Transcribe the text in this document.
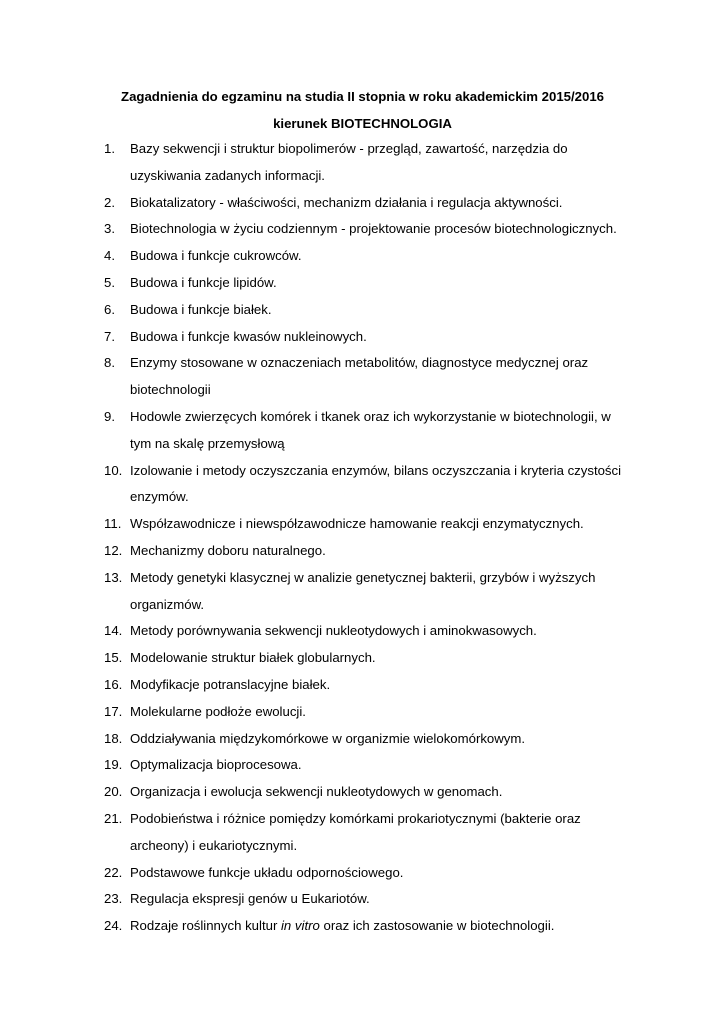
Zagadnienia do egzaminu na studia II stopnia w roku akademickim 2015/2016
kierunek BIOTECHNOLOGIA
1. Bazy sekwencji i struktur biopolimerów - przegląd, zawartość, narzędzia do uzyskiwania zadanych informacji.
2. Biokatalizatory - właściwości, mechanizm działania i regulacja aktywności.
3. Biotechnologia w życiu codziennym - projektowanie procesów biotechnologicznych.
4. Budowa i funkcje cukrowców.
5. Budowa i funkcje lipidów.
6. Budowa i funkcje białek.
7. Budowa i funkcje kwasów nukleinowych.
8. Enzymy stosowane w oznaczeniach metabolitów, diagnostyce medycznej oraz biotechnologii
9. Hodowle zwierzęcych komórek i tkanek oraz ich wykorzystanie w biotechnologii, w tym na skalę przemysłową
10. Izolowanie i metody oczyszczania enzymów, bilans oczyszczania i kryteria czystości enzymów.
11. Współzawodnicze i niewspółzawodnicze hamowanie reakcji enzymatycznych.
12. Mechanizmy doboru naturalnego.
13. Metody genetyki klasycznej w analizie genetycznej bakterii, grzybów i wyższych organizmów.
14. Metody porównywania sekwencji nukleotydowych i aminokwasowych.
15. Modelowanie struktur białek globularnych.
16. Modyfikacje potranslacyjne białek.
17. Molekularne podłoże ewolucji.
18. Oddziaływania międzykomórkowe w organizmie wielokomórkowym.
19. Optymalizacja bioprocesowa.
20. Organizacja i ewolucja sekwencji nukleotydowych w genomach.
21. Podobieństwa i różnice pomiędzy komórkami prokariotycznymi (bakterie oraz archeony) i eukariotycznymi.
22. Podstawowe funkcje układu odpornościowego.
23. Regulacja ekspresji genów u Eukariotów.
24. Rodzaje roślinnych kultur in vitro oraz ich zastosowanie w biotechnologii.
